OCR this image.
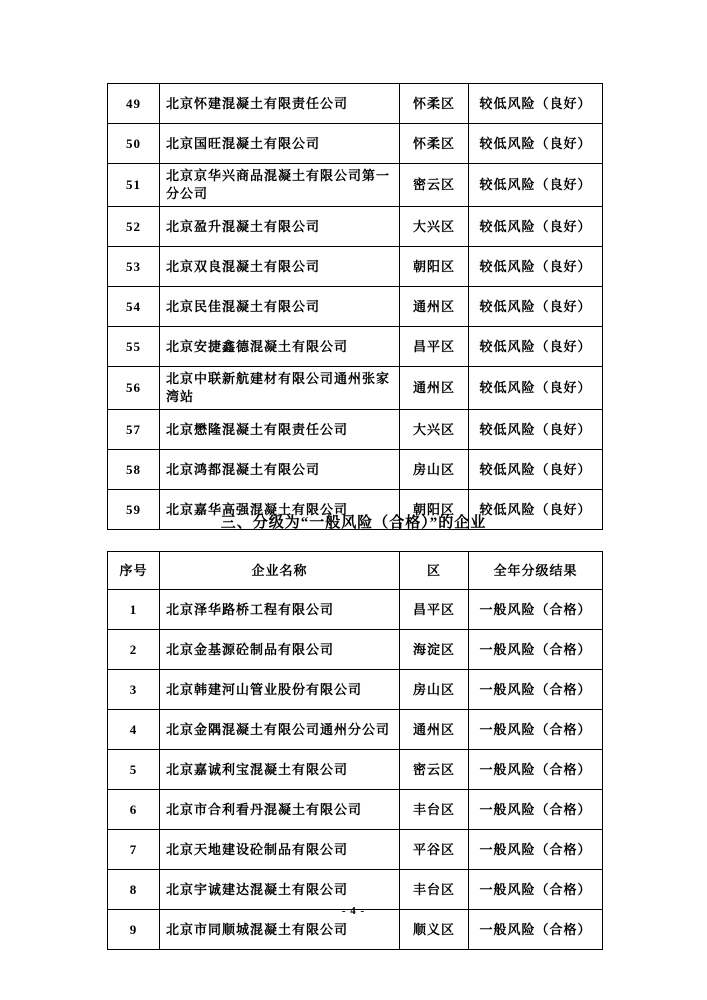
49	北京怀建混凝土有限责任公司	怀柔区	较低风险（良好）
50	北京国旺混凝土有限公司	怀柔区	较低风险（良好）
51	北京京华兴商品混凝土有限公司第一分公司	密云区	较低风险（良好）
52	北京盈升混凝土有限公司	大兴区	较低风险（良好）
53	北京双良混凝土有限公司	朝阳区	较低风险（良好）
54	北京民佳混凝土有限公司	通州区	较低风险（良好）
55	北京安捷鑫德混凝土有限公司	昌平区	较低风险（良好）
56	北京中联新航建材有限公司通州张家湾站	通州区	较低风险（良好）
57	北京懋隆混凝土有限责任公司	大兴区	较低风险（良好）
58	北京鸿都混凝土有限公司	房山区	较低风险（良好）
59	北京嘉华高强混凝土有限公司	朝阳区	较低风险（良好）
三、分级为“一般风险（合格）”的企业
序号	企业名称	区	全年分级结果
1	北京泽华路桥工程有限公司	昌平区	一般风险（合格）
2	北京金基源砼制品有限公司	海淀区	一般风险（合格）
3	北京韩建河山管业股份有限公司	房山区	一般风险（合格）
4	北京金隅混凝土有限公司通州分公司	通州区	一般风险（合格）
5	北京嘉诚利宝混凝土有限公司	密云区	一般风险（合格）
6	北京市合利看丹混凝土有限公司	丰台区	一般风险（合格）
7	北京天地建设砼制品有限公司	平谷区	一般风险（合格）
8	北京宇诚建达混凝土有限公司	丰台区	一般风险（合格）
9	北京市同顺城混凝土有限公司	顺义区	一般风险（合格）
- 4 -
